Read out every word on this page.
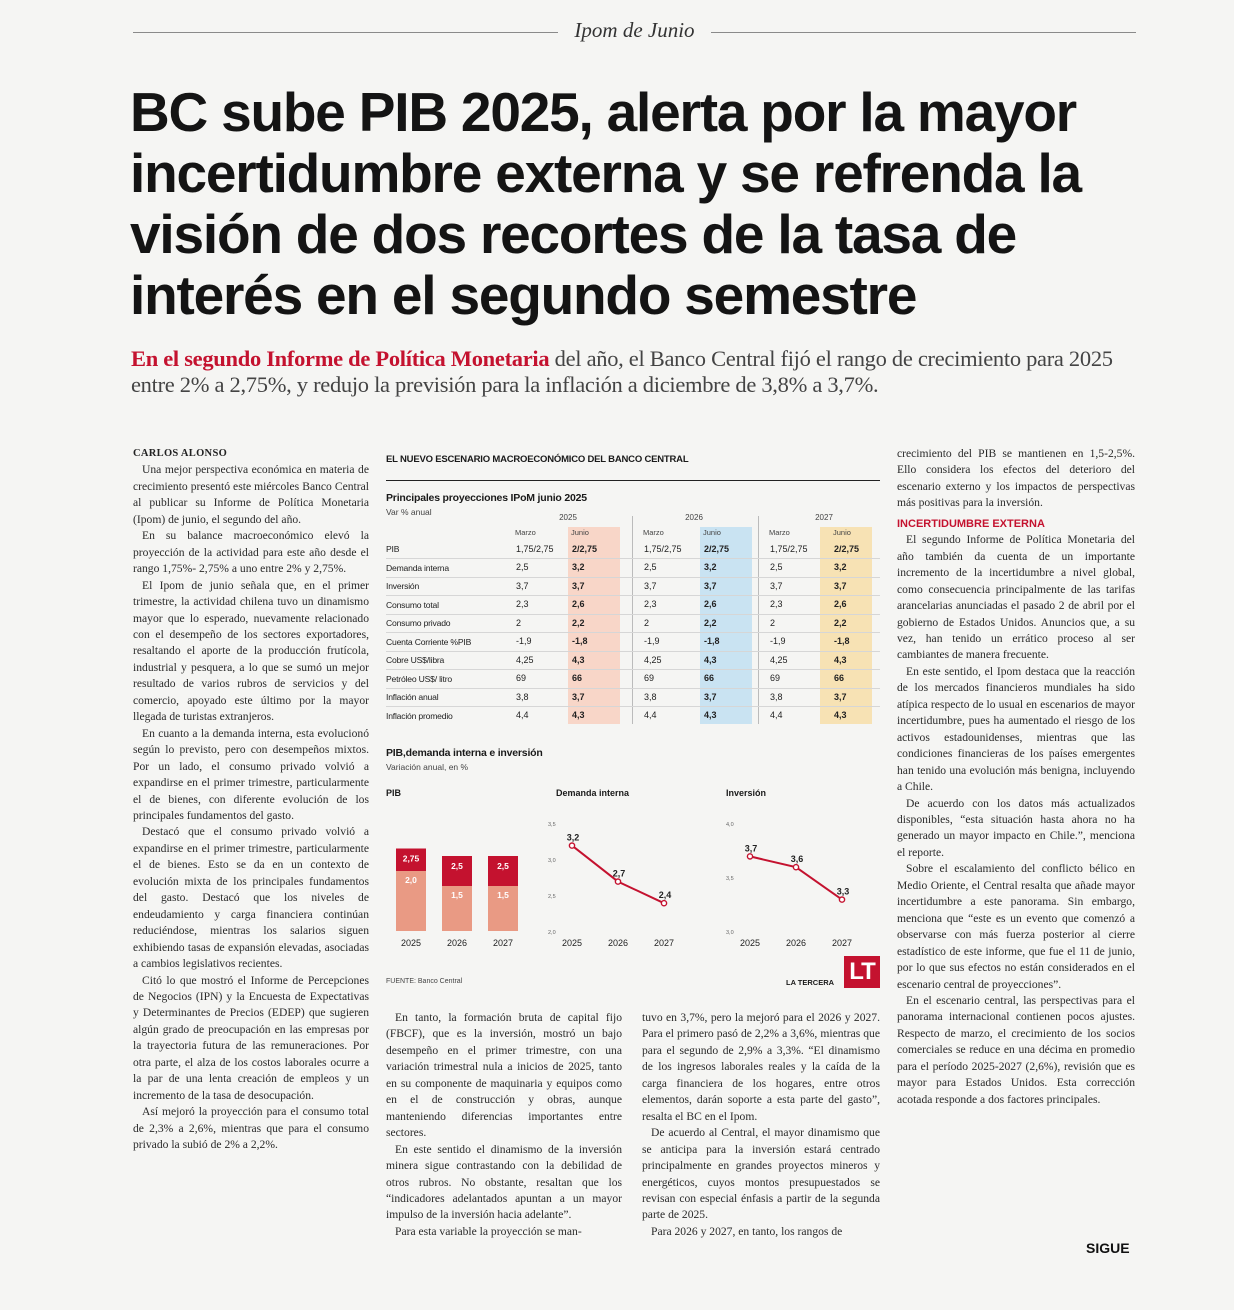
Ipom de Junio
BC sube PIB 2025, alerta por la mayor incertidumbre externa y se refrenda la visión de dos recortes de la tasa de interés en el segundo semestre
En el segundo Informe de Política Monetaria del año, el Banco Central fijó el rango de crecimiento para 2025 entre 2% a 2,75%, y redujo la previsión para la inflación a diciembre de 3,8% a 3,7%.

CARLOS ALONSO

Una mejor perspectiva económica en materia de crecimiento presentó este miércoles Banco Central al publicar su Informe de Política Monetaria (Ipom) de junio, el segundo del año.

En su balance macroeconómico elevó la proyección de la actividad para este año desde el rango 1,75%- 2,75% a uno entre 2% y 2,75%.

El Ipom de junio señala que, en el primer trimestre, la actividad chilena tuvo un dinamismo mayor que lo esperado, nuevamente relacionado con el desempeño de los sectores exportadores, resaltando el aporte de la producción frutícola, industrial y pesquera, a lo que se sumó un mejor resultado de varios rubros de servicios y del comercio, apoyado este último por la mayor llegada de turistas extranjeros.

En cuanto a la demanda interna, esta evolucionó según lo previsto, pero con desempeños mixtos. Por un lado, el consumo privado volvió a expandirse en el primer trimestre, particularmente el de bienes, con diferente evolución de los principales fundamentos del gasto.

Destacó que el consumo privado volvió a expandirse en el primer trimestre, particularmente el de bienes. Esto se da en un contexto de evolución mixta de los principales fundamentos del gasto. Destacó que los niveles de endeudamiento y carga financiera continúan reduciéndose, mientras los salarios siguen exhibiendo tasas de expansión elevadas, asociadas a cambios legislativos recientes.

Citó lo que mostró el Informe de Percepciones de Negocios (IPN) y la Encuesta de Expectativas y Determinantes de Precios (EDEP) que sugieren algún grado de preocupación en las empresas por la trayectoria futura de las remuneraciones. Por otra parte, el alza de los costos laborales ocurre a la par de una lenta creación de empleos y un incremento de la tasa de desocupación.

Así mejoró la proyección para el consumo total de 2,3% a 2,6%, mientras que para el consumo privado la subió de 2% a 2,2%.

En tanto, la formación bruta de capital fijo (FBCF), que es la inversión, mostró un bajo desempeño en el primer trimestre, con una variación trimestral nula a inicios de 2025, tanto en su componente de maquinaria y equipos como en el de construcción y obras, aunque manteniendo diferencias importantes entre sectores.

En este sentido el dinamismo de la inversión minera sigue contrastando con la debilidad de otros rubros. No obstante, resaltan que los “indicadores adelantados apuntan a un mayor impulso de la inversión hacia adelante”.

Para esta variable la proyección se man-

tuvo en 3,7%, pero la mejoró para el 2026 y 2027. Para el primero pasó de 2,2% a 3,6%, mientras que para el segundo de 2,9% a 3,3%. “El dinamismo de los ingresos laborales reales y la caída de la carga financiera de los hogares, entre otros elementos, darán soporte a esta parte del gasto”, resalta el BC en el Ipom.

De acuerdo al Central, el mayor dinamismo que se anticipa para la inversión estará centrado principalmente en grandes proyectos mineros y energéticos, cuyos montos presupuestados se revisan con especial énfasis a partir de la segunda parte de 2025.

Para 2026 y 2027, en tanto, los rangos de

crecimiento del PIB se mantienen en 1,5-2,5%. Ello considera los efectos del deterioro del escenario externo y los impactos de perspectivas más positivas para la inversión.

INCERTIDUMBRE EXTERNA

El segundo Informe de Política Monetaria del año también da cuenta de un importante incremento de la incertidumbre a nivel global, como consecuencia principalmente de las tarifas arancelarias anunciadas el pasado 2 de abril por el gobierno de Estados Unidos. Anuncios que, a su vez, han tenido un errático proceso al ser cambiantes de manera frecuente.

En este sentido, el Ipom destaca que la reacción de los mercados financieros mundiales ha sido atípica respecto de lo usual en escenarios de mayor incertidumbre, pues ha aumentado el riesgo de los activos estadounidenses, mientras que las condiciones financieras de los países emergentes han tenido una evolución más benigna, incluyendo a Chile.

De acuerdo con los datos más actualizados disponibles, “esta situación hasta ahora no ha generado un mayor impacto en Chile.”, menciona el reporte.

Sobre el escalamiento del conflicto bélico en Medio Oriente, el Central resalta que añade mayor incertidumbre a este panorama. Sin embargo, menciona que “este es un evento que comenzó a observarse con más fuerza posterior al cierre estadístico de este informe, que fue el 11 de junio, por lo que sus efectos no están considerados en el escenario central de proyecciones”.

En el escenario central, las perspectivas para el panorama internacional contienen pocos ajustes. Respecto de marzo, el crecimiento de los socios comerciales se reduce en una décima en promedio para el período 2025-2027 (2,6%), revisión que es mayor para Estados Unidos. Esta corrección acotada responde a dos factores principales.

SIGUE
EL NUEVO ESCENARIO MACROECONÓMICO DEL BANCO CENTRAL
Principales proyecciones IPoM junio 2025
Var % anual
PIB,demanda interna e inversión
Variación anual, en %
2,75
2,0
2025
2,5
1,5
2026
2,5
1,5
2027
3,5
3,0
2,5
2,0
3,2
2025
2,7
2026
2,4
2027
4,0
3,5
3,0
3,7
2025
3,6
2026
3,3
2027
FUENTE: Banco Central	LA TERCERA LT
2025	2026	2027
Marzo	Junio	Marzo	Junio	Marzo	Junio
PIB	1,75/2,75 2/2,75	1,75/2,75 2/2,75	1,75/2,75	2/2,75
Demanda interna	2,5	3,2	2,5	3,2	2,5	3,2
Inversión	3,7	3,7	3,7	3,7	3,7	3,7
Consumo total	2,3	2,6	2,3	2,6	2,3	2,6
Consumo privado	2	2,2	2	2,2	2	2,2
Cuenta Corriente %PIB	-1,9	-1,8	-1,9	-1,8	-1,9	-1,8
Cobre US$/libra	4,25	4,3	4,25	4,3	4,25	4,3
Petróleo US$/ litro	69	66	69	66	69	66
Inflación anual	3,8	3,7	3,8	3,7	3,8	3,7
Inflación promedio	4,4	4,3	4,4	4,3	4,4	4,3
PIB	Demanda interna	Inversión
